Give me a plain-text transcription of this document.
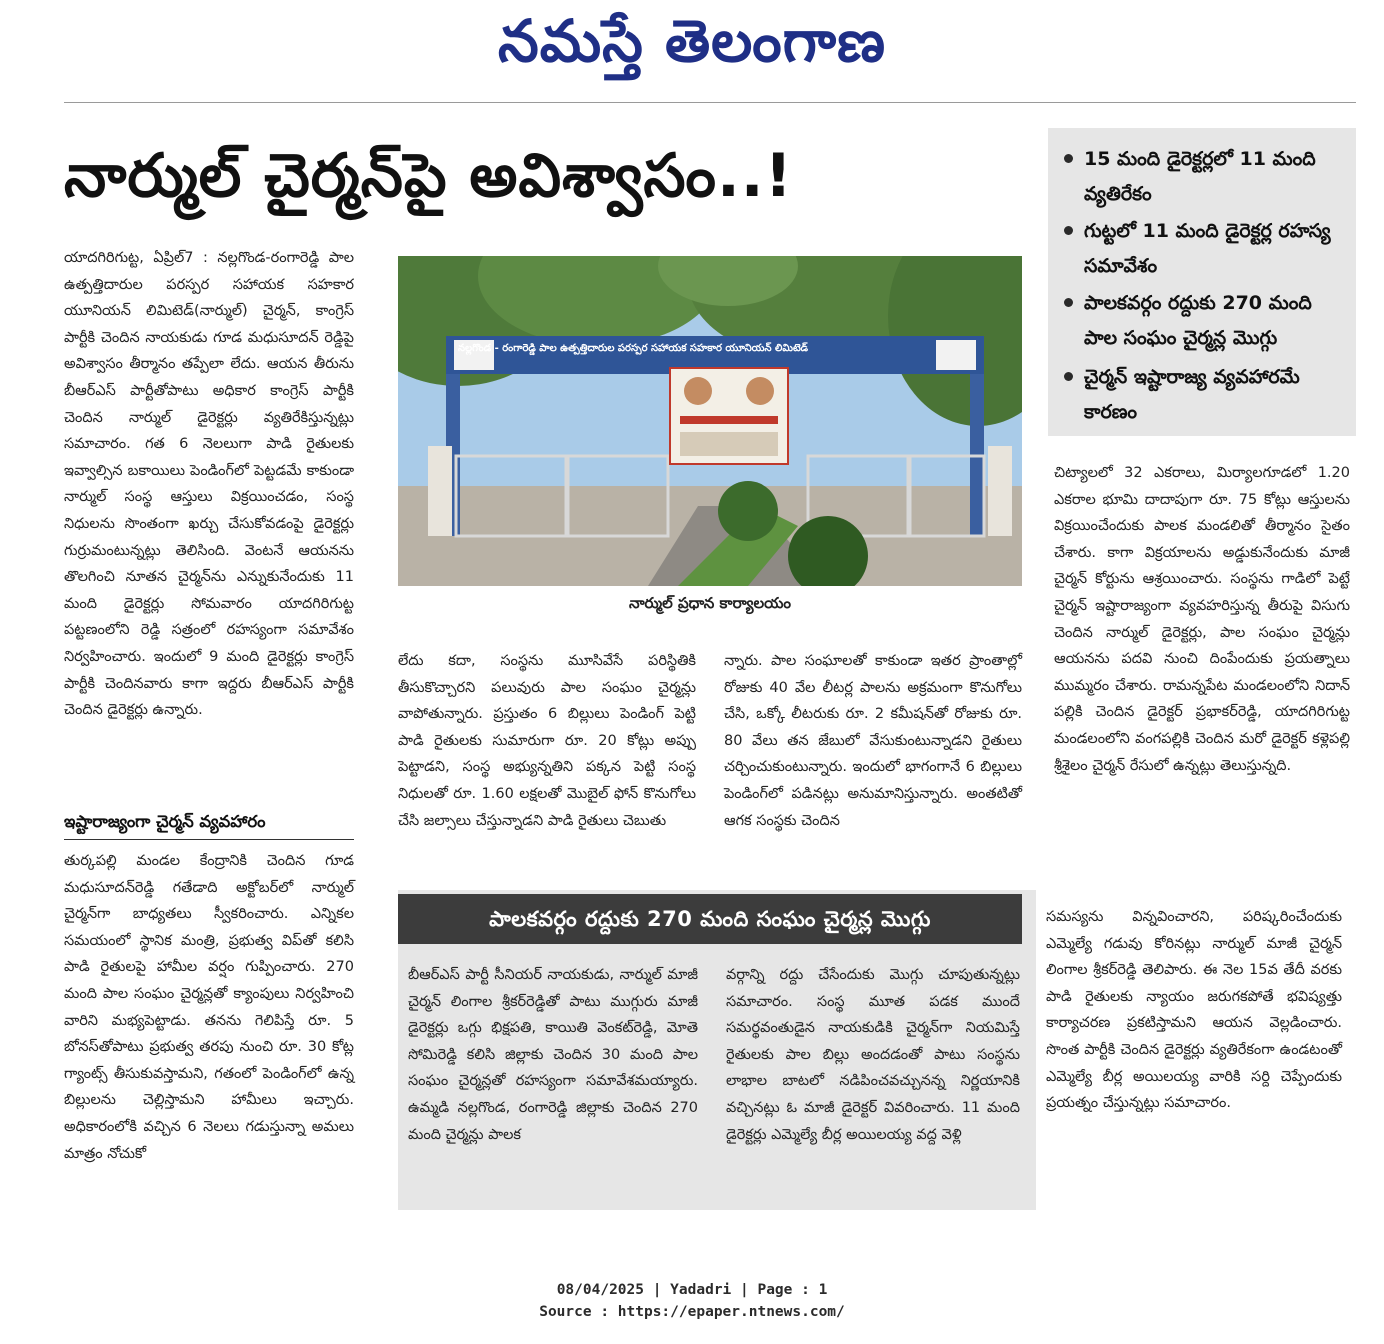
నమస్తే తెలంగాణ
నార్ముల్ చైర్మన్‌పై అవిశ్వాసం..!	15 మంది డైరెక్టర్లలో 11 మంది వ్యతిరేకం
గుట్టలో 11 మంది డైరెక్టర్ల రహస్య సమావేశం
పాలకవర్గం రద్దుకు 270 మంది పాల సంఘం చైర్మన్ల మొగ్గు
చైర్మన్ ఇష్టారాజ్య వ్యవహారమే కారణం

యాదగిరిగుట్ట, ఏప్రిల్7 : నల్లగొండ-రంగారెడ్డి పాల ఉత్పత్తిదారుల పరస్పర సహాయక సహకార యూనియన్ లిమిటెడ్(నార్ముల్) చైర్మన్, కాంగ్రెస్ పార్టీకి చెందిన నాయకుడు గూడ మధుసూదన్ రెడ్డిపై అవిశ్వాసం తీర్మానం తప్పేలా లేదు. ఆయన తీరును బీఆర్ఎస్ పార్టీతోపాటు అధికార కాంగ్రెస్ పార్టీకి చెందిన నార్ముల్ డైరెక్టర్లు వ్యతిరేకిస్తున్నట్లు సమాచారం. గత 6 నెలలుగా పాడి రైతులకు ఇవ్వాల్సిన బకాయిలు పెండింగ్‌లో పెట్టడమే కాకుండా నార్ముల్ సంస్థ ఆస్తులు విక్రయించడం, సంస్థ నిధులను సొంతంగా ఖర్చు చేసుకోవడంపై డైరెక్టర్లు గుర్రుమంటున్నట్లు తెలిసింది. వెంటనే ఆయనను తొలగించి నూతన చైర్మన్‌ను ఎన్నుకునేందుకు 11 మంది డైరెక్టర్లు సోమవారం యాదగిరిగుట్ట పట్టణంలోని రెడ్డి సత్రంలో రహస్యంగా సమావేశం నిర్వహించారు. ఇందులో 9 మంది డైరెక్టర్లు కాంగ్రెస్ పార్టీకి చెందినవారు కాగా ఇద్దరు బీఆర్ఎస్ పార్టీకి చెందిన డైరెక్టర్లు ఉన్నారు.

ఇష్టారాజ్యంగా చైర్మన్ వ్యవహారం

తుర్కపల్లి మండల కేంద్రానికి చెందిన గూడ మధుసూదన్‌రెడ్డి గతేడాది అక్టోబర్‌లో నార్ముల్ చైర్మన్‌గా బాధ్యతలు స్వీకరించారు. ఎన్నికల సమయంలో స్థానిక మంత్రి, ప్రభుత్వ విప్‌తో కలిసి పాడి రైతులపై హామీల వర్షం గుప్పించారు. 270 మంది పాల సంఘం చైర్మన్లతో క్యాంపులు నిర్వహించి వారిని మభ్యపెట్టాడు. తనను గెలిపిస్తే రూ. 5 బోనస్‌తోపాటు ప్రభుత్వ తరపు నుంచి రూ. 30 కోట్ల గ్యాంట్స్ తీసుకువస్తామని, గతంలో పెండింగ్‌లో ఉన్న బిల్లులను చెల్లిస్తామని హామీలు ఇచ్చారు. అధికారంలోకి వచ్చిన 6 నెలలు గడుస్తున్నా అమలు మాత్రం నోచుకో

నల్లగొండ - రంగారెడ్డి పాల ఉత్పత్తిదారుల పరస్పర సహాయక సహకార యూనియన్ లిమిటెడ్
నార్ముల్ ప్రధాన కార్యాలయం

లేదు కదా, సంస్థను మూసివేసే పరిస్థితికి తీసుకొచ్చారని పలువురు పాల సంఘం చైర్మన్లు వాపోతున్నారు. ప్రస్తుతం 6 బిల్లులు పెండింగ్ పెట్టి పాడి రైతులకు సుమారుగా రూ. 20 కోట్లు అప్పు పెట్టాడని, సంస్థ అభ్యున్నతిని పక్కన పెట్టి సంస్థ నిధులతో రూ. 1.60 లక్షలతో మొబైల్ ఫోన్ కొనుగోలు చేసి జల్సాలు చేస్తున్నాడని పాడి రైతులు చెబుతు

న్నారు. పాల సంఘాలతో కాకుండా ఇతర ప్రాంతాల్లో రోజుకు 40 వేల లీటర్ల పాలను అక్రమంగా కొనుగోలు చేసి, ఒక్కో లీటరుకు రూ. 2 కమీషన్‌తో రోజుకు రూ. 80 వేలు తన జేబులో వేసుకుంటున్నాడని రైతులు చర్చించుకుంటున్నారు. ఇందులో భాగంగానే 6 బిల్లులు పెండింగ్‌లో పడినట్లు అనుమానిస్తున్నారు. అంతటితో ఆగక సంస్థకు చెందిన

చిట్యాలలో 32 ఎకరాలు, మిర్యాలగూడలో 1.20 ఎకరాల భూమి దాదాపుగా రూ. 75 కోట్లు ఆస్తులను విక్రయించేందుకు పాలక మండలితో తీర్మానం సైతం చేశారు. కాగా విక్రయాలను అడ్డుకునేందుకు మాజీ చైర్మన్ కోర్టును ఆశ్రయించారు. సంస్థను గాడిలో పెట్టే చైర్మన్ ఇష్టారాజ్యంగా వ్యవహరిస్తున్న తీరుపై విసుగు చెందిన నార్ముల్ డైరెక్టర్లు, పాల సంఘం చైర్మన్లు ఆయనను పదవి నుంచి దింపేందుకు ప్రయత్నాలు ముమ్మరం చేశారు. రామన్నపేట మండలంలోని నిదాన్ పల్లికి చెందిన డైరెక్టర్ ప్రభాకర్‌రెడ్డి, యాదగిరిగుట్ట మండలంలోని వంగపల్లికి చెందిన మరో డైరెక్టర్ కళ్లెపల్లి శ్రీశైలం చైర్మన్ రేసులో ఉన్నట్లు తెలుస్తున్నది.

పాలకవర్గం రద్దుకు 270 మంది సంఘం చైర్మన్ల మొగ్గు

బీఆర్ఎస్ పార్టీ సీనియర్ నాయకుడు, నార్ముల్ మాజీ చైర్మన్ లింగాల శ్రీకర్‌రెడ్డితో పాటు ముగ్గురు మాజీ డైరెక్టర్లు ఒగ్గు భిక్షపతి, కాయితి వెంకట్‌రెడ్డి, మోతె సోమిరెడ్డి కలిసి జిల్లాకు చెందిన 30 మంది పాల సంఘం చైర్మన్లతో రహస్యంగా సమావేశమయ్యారు. ఉమ్మడి నల్లగొండ, రంగారెడ్డి జిల్లాకు చెందిన 270 మంది చైర్మన్లు పాలక

వర్గాన్ని రద్దు చేసేందుకు మొగ్గు చూపుతున్నట్లు సమాచారం. సంస్థ మూత పడక ముందే సమర్థవంతుడైన నాయకుడికి చైర్మన్‌గా నియమిస్తే రైతులకు పాల బిల్లు అందడంతో పాటు సంస్థను లాభాల బాటలో నడిపించవచ్చునన్న నిర్ణయానికి వచ్చినట్లు ఓ మాజీ డైరెక్టర్ వివరించారు. 11 మంది డైరెక్టర్లు ఎమ్మెల్యే బీర్ల అయిలయ్య వద్ద వెళ్లి

సమస్యను విన్నవించారని, పరిష్కరించేందుకు ఎమ్మెల్యే గడువు కోరినట్లు నార్ముల్ మాజీ చైర్మన్ లింగాల శ్రీకర్‌రెడ్డి తెలిపారు. ఈ నెల 15వ తేదీ వరకు పాడి రైతులకు న్యాయం జరుగకపోతే భవిష్యత్తు కార్యాచరణ ప్రకటిస్తామని ఆయన వెల్లడించారు. సొంత పార్టీకి చెందిన డైరెక్టర్లు వ్యతిరేకంగా ఉండటంతో ఎమ్మెల్యే బీర్ల అయిలయ్య వారికి సర్ది చెప్పేందుకు ప్రయత్నం చేస్తున్నట్లు సమాచారం.

08/04/2025 | Yadadri | Page : 1
Source : https://epaper.ntnews.com/
